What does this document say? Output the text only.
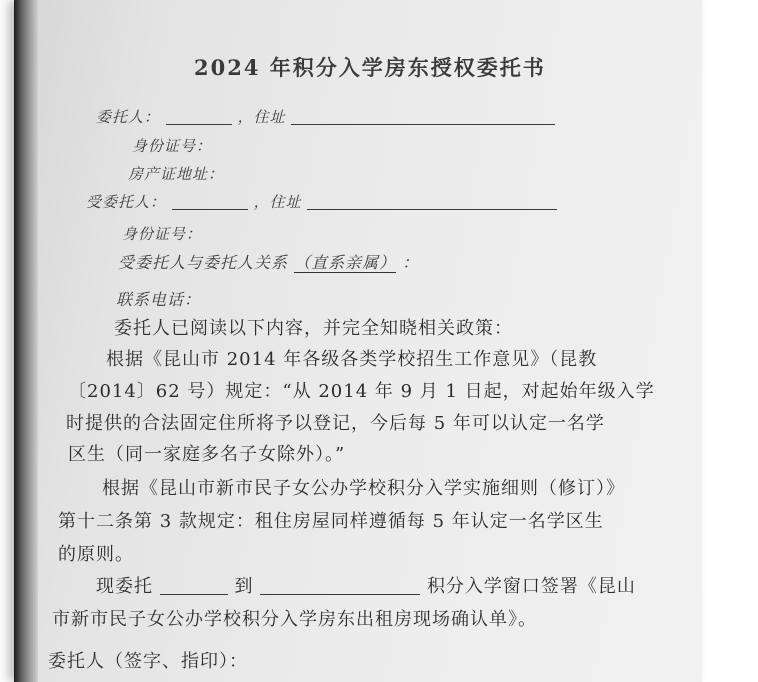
2024 年积分入学房东授权委托书
委托人：	，住址
身份证号：
房产证地址：
受委托人：	，住址
身份证号：
受委托人与委托人关系 （直系亲属） ：
联系电话：
委托人已阅读以下内容，并完全知晓相关政策：
根据《昆山市 2014 年各级各类学校招生工作意见》（昆教
〔2014〕62 号）规定：“从 2014 年 9 月 1 日起，对起始年级入学
时提供的合法固定住所将予以登记，今后每 5 年可以认定一名学
区生（同一家庭多名子女除外）。”
根据《昆山市新市民子女公办学校积分入学实施细则（修订）》
第十二条第 3 款规定：租住房屋同样遵循每 5 年认定一名学区生
的原则。
现委托	到	积分入学窗口签署《昆山
市新市民子女公办学校积分入学房东出租房现场确认单》。
委托人（签字、指印）：
